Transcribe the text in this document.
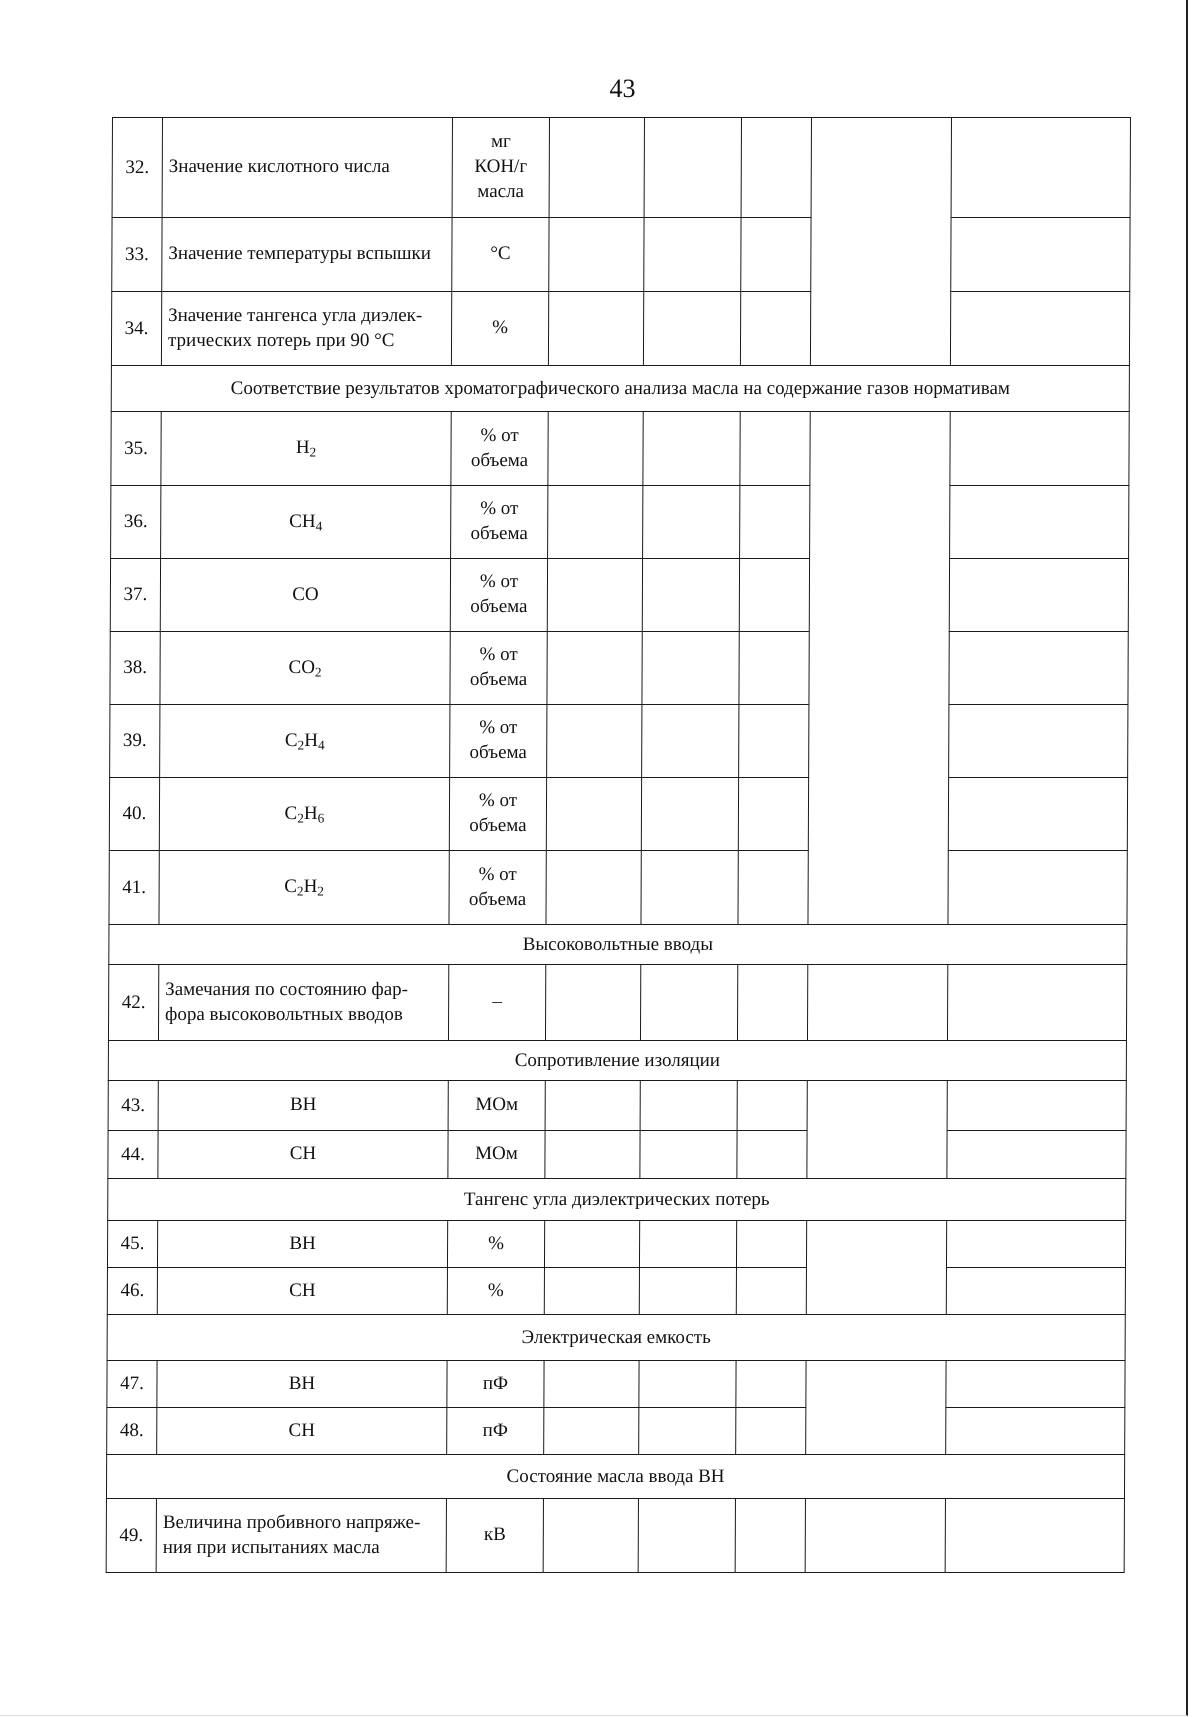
43
32.	Значение кислотного числа	мг
КОН/г
масла					
33.	Значение температуры вспышки	°С					
34.	Значение тангенса угла диэлек-трических потерь при 90 °С	%					
Соответствие результатов хроматографического анализа масла на содержание газов нормативам							
35.	$H_2$	% от объема					
36.	$CH_4$	% от объема					
37.	CO	% от объема					
38.	$CO_2$	% от объема					
39.	$C_2H_4$	% от объема					
40.	$C_2H_6$	% от объема					
41.	$C_2H_2$	% от объема					
Высоковольтные вводы							
42.	Замечания по состоянию фар-фора высоковольтных вводов	–					
Сопротивление изоляции							
43.	ВН	МОм					
44.	СН	МОм					
Тангенс угла диэлектрических потерь							
45.	ВН	%					
46.	СН	%					
Электрическая емкость							
47.	ВН	пФ					
48.	СН	пФ					
Состояние масла ввода ВН							
49.	Величина пробивного напряже-ния при испытаниях масла	кВ					
